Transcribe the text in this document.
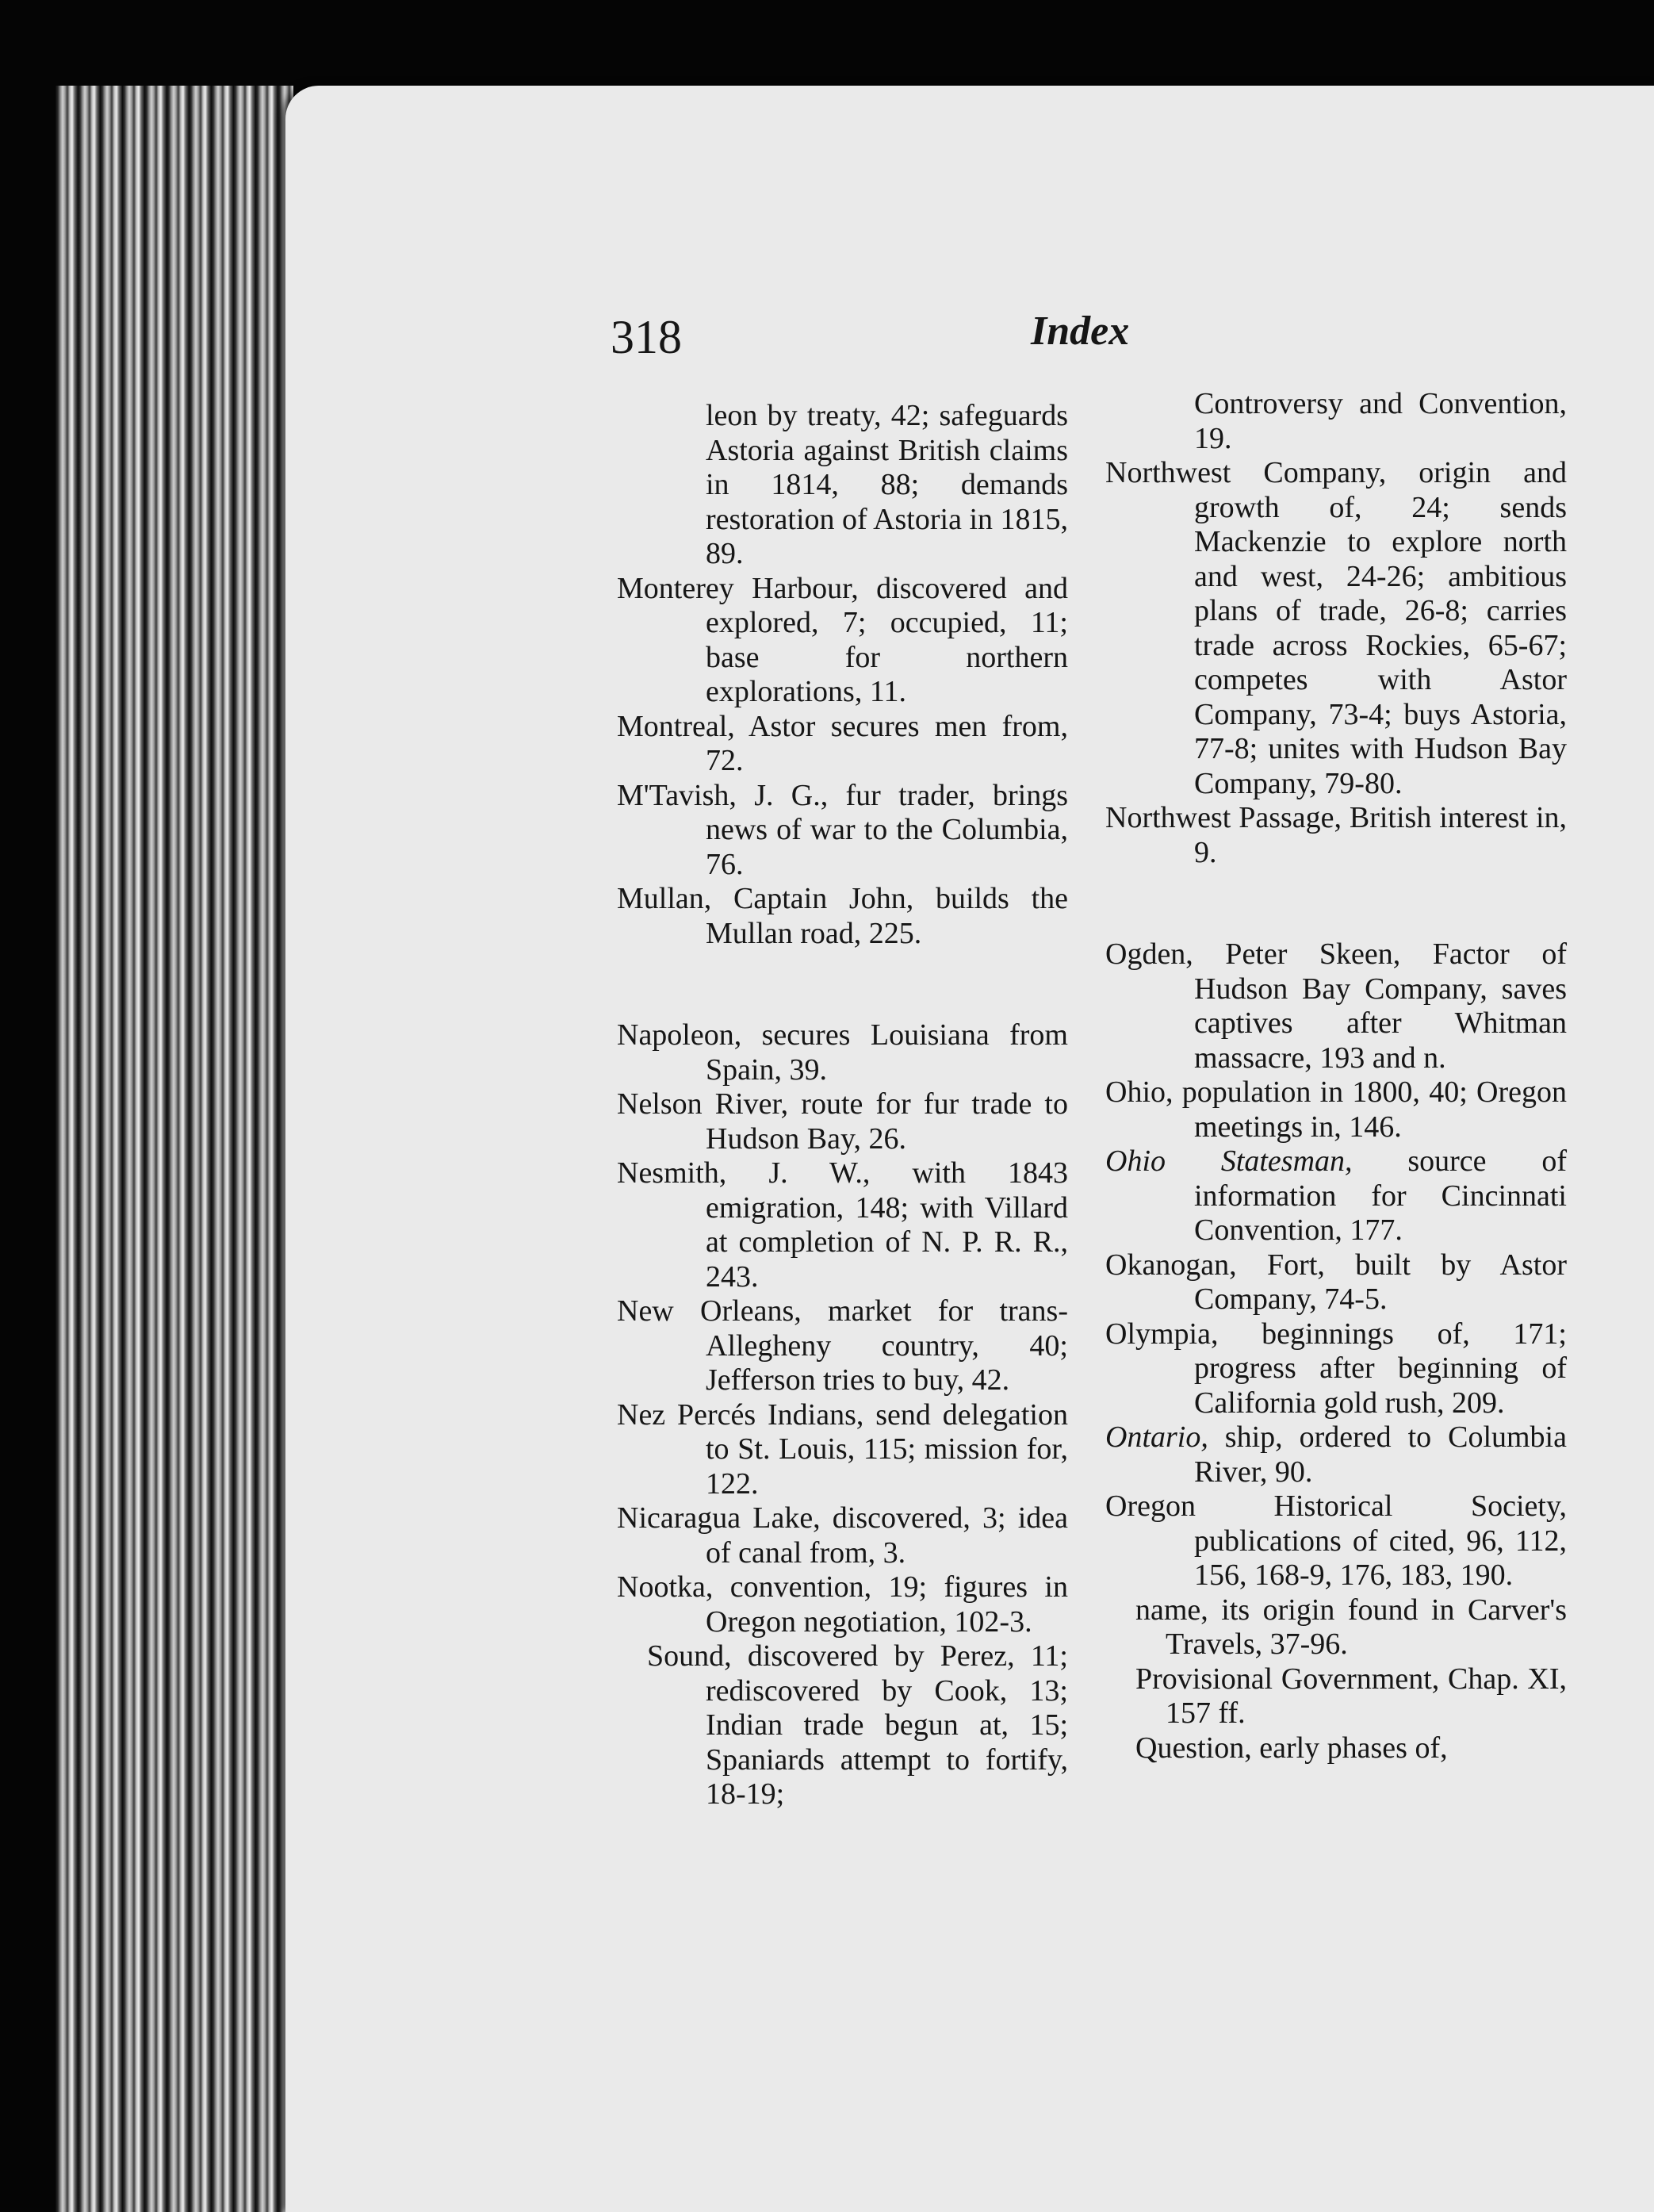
318	Index

leon by treaty, 42; safeguards Astoria against British claims in 1814, 88; demands restoration of Astoria in 1815, 89.

Monterey Harbour, discovered and explored, 7; occupied, 11; base for northern explorations, 11.

Montreal, Astor secures men from, 72.

M'Tavish, J. G., fur trader, brings news of war to the Columbia, 76.

Mullan, Captain John, builds the Mullan road, 225.

Napoleon, secures Louisiana from Spain, 39.

Nelson River, route for fur trade to Hudson Bay, 26.

Nesmith, J. W., with 1843 emigration, 148; with Villard at completion of N. P. R. R., 243.

New Orleans, market for trans-Allegheny country, 40; Jefferson tries to buy, 42.

Nez Percés Indians, send delegation to St. Louis, 115; mission for, 122.

Nicaragua Lake, discovered, 3; idea of canal from, 3.

Nootka, convention, 19; figures in Oregon negotiation, 102-3.

Sound, discovered by Perez, 11; rediscovered by Cook, 13; Indian trade begun at, 15; Spaniards attempt to fortify, 18-19;

Controversy and Convention, 19.

Northwest Company, origin and growth of, 24; sends Mackenzie to explore north and west, 24-26; ambitious plans of trade, 26-8; carries trade across Rockies, 65-67; competes with Astor Company, 73-4; buys Astoria, 77-8; unites with Hudson Bay Company, 79-80.

Northwest Passage, British interest in, 9.

Ogden, Peter Skeen, Factor of Hudson Bay Company, saves captives after Whitman massacre, 193 and n.

Ohio, population in 1800, 40; Oregon meetings in, 146.

Ohio Statesman, source of information for Cincinnati Convention, 177.

Okanogan, Fort, built by Astor Company, 74-5.

Olympia, beginnings of, 171; progress after beginning of California gold rush, 209.

Ontario, ship, ordered to Columbia River, 90.

Oregon Historical Society, publications of cited, 96, 112, 156, 168-9, 176, 183, 190.

name, its origin found in Carver's Travels, 37-96.

Provisional Government, Chap. XI, 157 ff.

Question, early phases of,
